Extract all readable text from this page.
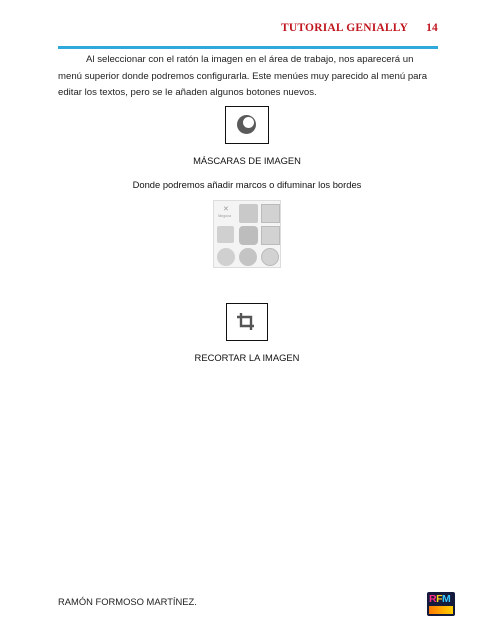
TUTORIAL GENIALLY 14
Al seleccionar con el ratón la imagen en el área de trabajo, nos aparecerá un menú superior donde podremos configurarla. Este menúes muy parecido al menú para editar los textos, pero se le añaden algunos botones nuevos.
MÁSCARAS DE IMAGEN
Donde podremos añadir marcos o difuminar los bordes
✕
Ninguna
RECORTAR LA IMAGEN
RAMÓN FORMOSO MARTÍNEZ.	RFM
